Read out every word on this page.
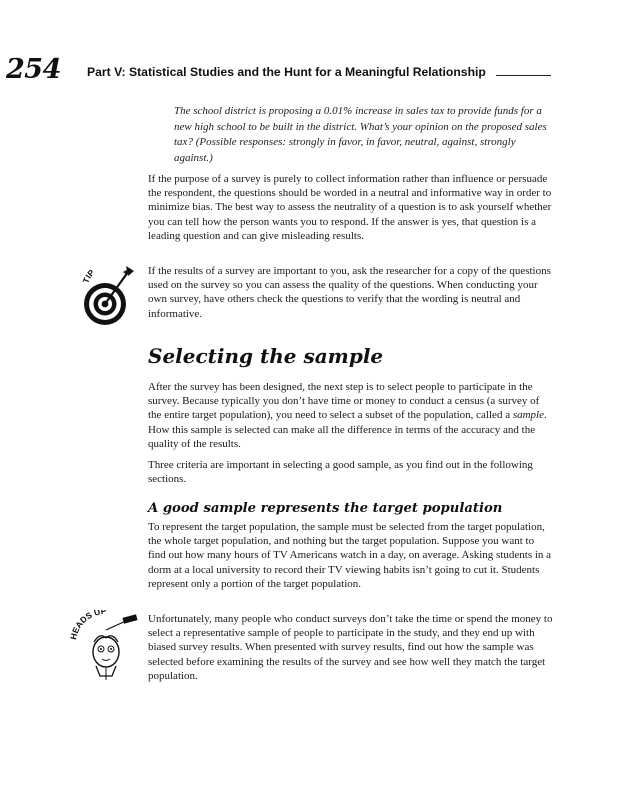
254 Part V: Statistical Studies and the Hunt for a Meaningful Relationship
The school district is proposing a 0.01% increase in sales tax to provide funds for a new high school to be built in the district. What’s your opinion on the proposed sales tax? (Possible responses: strongly in favor, in favor, neutral, against, strongly against.)
If the purpose of a survey is purely to collect information rather than influence or persuade the respondent, the questions should be worded in a neutral and informative way in order to minimize bias. The best way to assess the neutrality of a question is to ask yourself whether you can tell how the person wants you to respond. If the answer is yes, that question is a leading question and can give misleading results.
TIP	If the results of a survey are important to you, ask the researcher for a copy of the questions used on the survey so you can assess the quality of the questions. When conducting your own survey, have others check the questions to verify that the wording is neutral and informative.
Selecting the sample
After the survey has been designed, the next step is to select people to participate in the survey. Because typically you don’t have time or money to conduct a census (a survey of the entire target population), you need to select a subset of the population, called a sample. How this sample is selected can make all the difference in terms of the accuracy and the quality of the results.
Three criteria are important in selecting a good sample, as you find out in the following sections.
A good sample represents the target population
To represent the target population, the sample must be selected from the target population, the whole target population, and nothing but the target population. Suppose you want to find out how many hours of TV Americans watch in a day, on average. Asking students in a dorm at a local university to record their TV viewing habits isn’t going to cut it. Students represent only a portion of the target population.
EADS UP
Unfortunately, many people who conduct surveys don’t take the time or spend the money to select a representative sample of people to participate in the study, and they end up with biased survey results. When presented with survey results, find out how the sample was selected before examining the results of the survey and see how well they match the target population.
